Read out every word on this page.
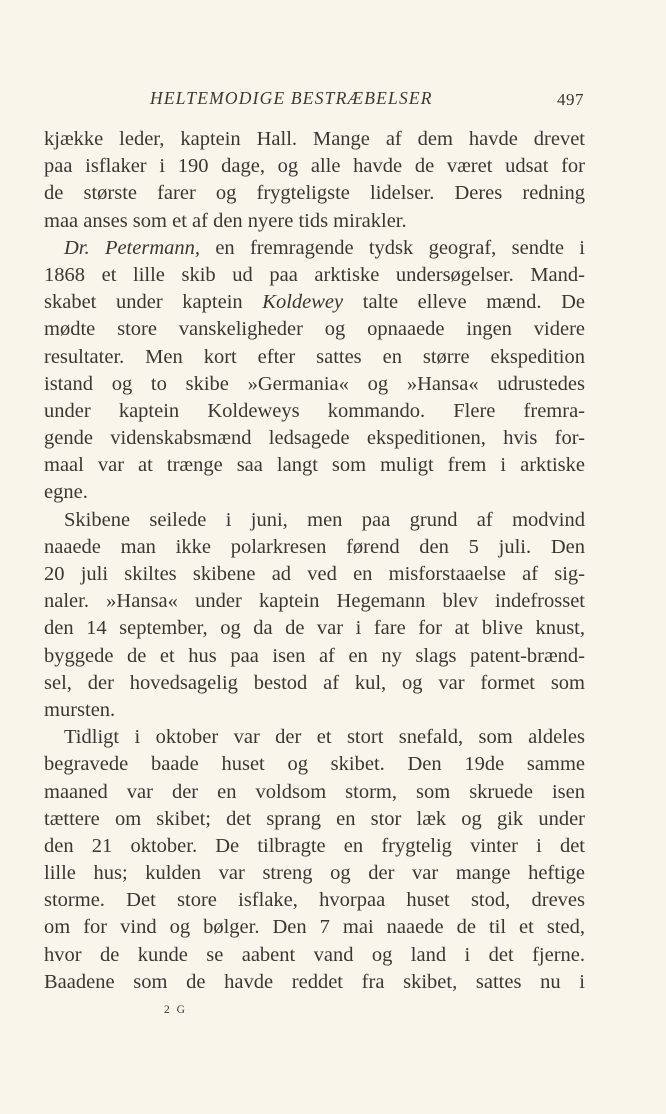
HELTEMODIGE BESTRÆBELSER	497
kjække leder, kaptein Hall. Mange af dem havde drevet
paa isflaker i 190 dage, og alle havde de været udsat for
de største farer og frygteligste lidelser. Deres redning
maa anses som et af den nyere tids mirakler.
Dr. Petermann, en fremragende tydsk geograf, sendte i
1868 et lille skib ud paa arktiske undersøgelser. Mand-
skabet under kaptein Koldewey talte elleve mænd. De
mødte store vanskeligheder og opnaaede ingen videre
resultater. Men kort efter sattes en større ekspedition
istand og to skibe »Germania« og »Hansa« udrustedes
under kaptein Koldeweys kommando. Flere fremra-
gende videnskabsmænd ledsagede ekspeditionen, hvis for-
maal var at trænge saa langt som muligt frem i arktiske
egne.
Skibene seilede i juni, men paa grund af modvind
naaede man ikke polarkresen førend den 5 juli. Den
20 juli skiltes skibene ad ved en misforstaaelse af sig-
naler. »Hansa« under kaptein Hegemann blev indefrosset
den 14 september, og da de var i fare for at blive knust,
byggede de et hus paa isen af en ny slags patent-brænd-
sel, der hovedsagelig bestod af kul, og var formet som
mursten.
Tidligt i oktober var der et stort snefald, som aldeles
begravede baade huset og skibet. Den 19de samme
maaned var der en voldsom storm, som skruede isen
tættere om skibet; det sprang en stor læk og gik under
den 21 oktober. De tilbragte en frygtelig vinter i det
lille hus; kulden var streng og der var mange heftige
storme. Det store isflake, hvorpaa huset stod, dreves
om for vind og bølger. Den 7 mai naaede de til et sted,
hvor de kunde se aabent vand og land i det fjerne.
Baadene som de havde reddet fra skibet, sattes nu i
2 G
